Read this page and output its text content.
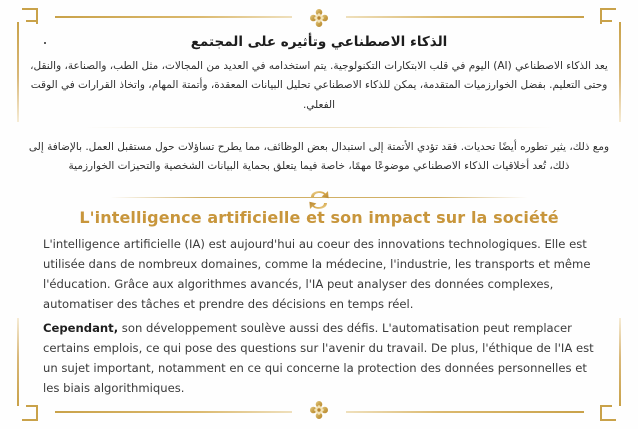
الذكاء الاصطناعي وتأثيره على المجتمع

يعد الذكاء الاصطناعي (AI) اليوم في قلب الابتكارات التكنولوجية. يتم استخدامه في العديد من المجالات، مثل الطب، والصناعة، والنقل، وحتى التعليم. بفضل الخوارزميات المتقدمة، يمكن للذكاء الاصطناعي تحليل البيانات المعقدة، وأتمتة المهام، واتخاذ القرارات في الوقت الفعلي.

ومع ذلك، يثير تطوره أيضًا تحديات. فقد تؤدي الأتمتة إلى استبدال بعض الوظائف، مما يطرح تساؤلات حول مستقبل العمل. بالإضافة إلى ذلك، تُعد أخلاقيات الذكاء الاصطناعي موضوعًا مهمًا، خاصة فيما يتعلق بحماية البيانات الشخصية والتحيزات الخوارزمية

L'intelligence artificielle et son impact sur la société

L'intelligence artificielle (IA) est aujourd'hui au coeur des innovations technologiques. Elle est utilisée dans de nombreux domaines, comme la médecine, l'industrie, les transports et même l'éducation. Grâce aux algorithmes avancés, l'IA peut analyser des données complexes, automatiser des tâches et prendre des décisions en temps réel.

Cependant, son développement soulève aussi des défis. L'automatisation peut remplacer certains emplois, ce qui pose des questions sur l'avenir du travail. De plus, l'éthique de l'IA est un sujet important, notamment en ce qui concerne la protection des données personnelles et les biais algorithmiques.
